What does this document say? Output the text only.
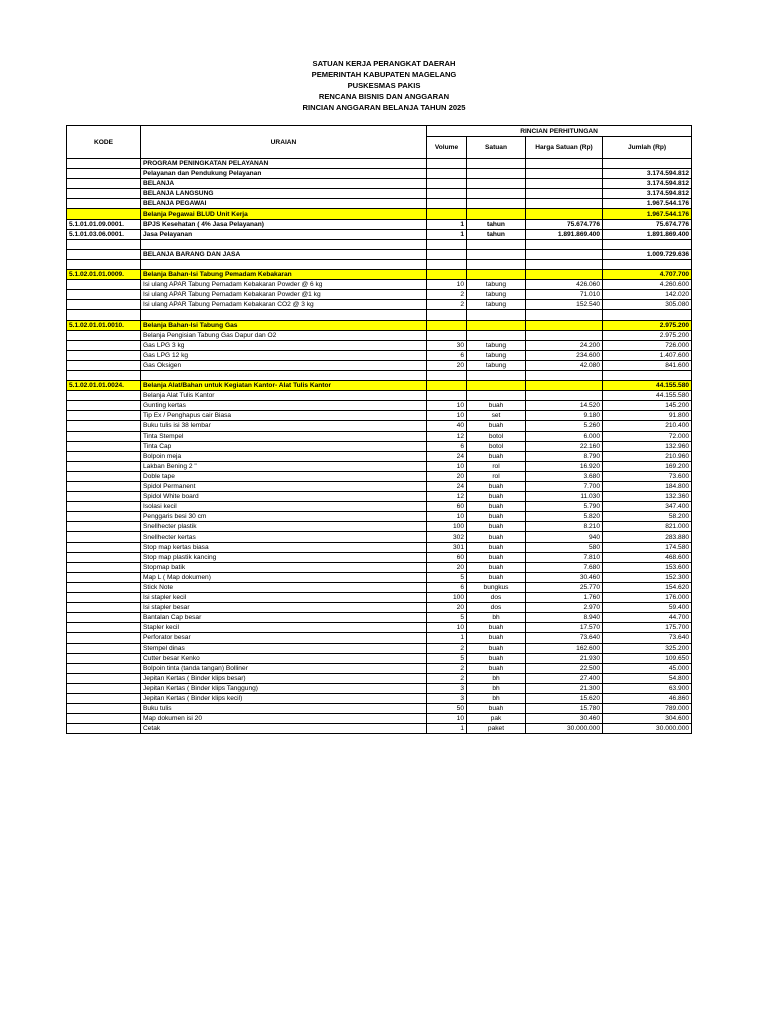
SATUAN KERJA PERANGKAT DAERAH
PEMERINTAH KABUPATEN MAGELANG
PUSKESMAS PAKIS
RENCANA BISNIS DAN ANGGARAN
RINCIAN ANGGARAN BELANJA TAHUN 2025
KODE	URAIAN	RINCIAN PERHITUNGAN			
		Volume	Satuan	Harga Satuan (Rp)	Jumlah (Rp)
	PROGRAM PENINGKATAN PELAYANAN				
	Pelayanan dan Pendukung Pelayanan				3.174.594.812
	BELANJA				3.174.594.812
	BELANJA LANGSUNG				3.174.594.812
	BELANJA PEGAWAI				1.967.544.176
	Belanja Pegawai BLUD Unit Kerja				1.967.544.176
5.1.01.01.09.0001.	BPJS Kesehatan ( 4% Jasa Pelayanan)	1	tahun	75.674.776	75.674.776
5.1.01.03.06.0001.	Jasa Pelayanan	1	tahun	1.891.869.400	1.891.869.400

	BELANJA BARANG DAN JASA				1.009.729.636

5.1.02.01.01.0009.	Belanja Bahan-Isi Tabung Pemadam Kebakaran				4.707.700
	Isi ulang APAR Tabung Pemadam Kebakaran Powder @ 6 kg	10	tabung	426.060	4.260.600
	Isi ulang APAR Tabung Pemadam Kebakaran Powder @1 kg	2	tabung	71.010	142.020
	Isi ulang APAR Tabung Pemadam Kebakaran CO2 @ 3 kg	2	tabung	152.540	305.080

5.1.02.01.01.0010.	Belanja Bahan-Isi Tabung Gas				2.975.200
	Belanja Pengisian Tabung Gas Dapur dan O2				2.975.200
	Gas LPG 3 kg	30	tabung	24.200	726.000
	Gas LPG 12 kg	6	tabung	234.600	1.407.600
	Gas Oksigen	20	tabung	42.080	841.600

5.1.02.01.01.0024.	Belanja Alat/Bahan untuk Kegiatan Kantor- Alat Tulis Kantor				44.155.580
	Belanja Alat Tulis Kantor				44.155.580
	Gunting kertas	10	buah	14.520	145.200
	Tip Ex / Penghapus cair Biasa	10	set	9.180	91.800
	Buku tulis isi 38 lembar	40	buah	5.260	210.400
	Tinta Stempel	12	botol	6.000	72.000
	Tinta Cap	6	botol	22.160	132.960
	Bolpoin meja	24	buah	8.790	210.960
	Lakban Bening 2 "	10	rol	16.920	169.200
	Doble tape	20	rol	3.680	73.600
	Spidol Permanent	24	buah	7.700	184.800
	Spidol White board	12	buah	11.030	132.360
	Isolasi kecil	60	buah	5.790	347.400
	Penggaris besi 30 cm	10	buah	5.820	58.200
	Snellhecter plastik	100	buah	8.210	821.000
	Snellhecter kertas	302	buah	940	283.880
	Stop map kertas biasa	301	buah	580	174.580
	Stop map plastik kancing	60	buah	7.810	468.600
	Stopmap batik	20	buah	7.680	153.600
	Map L ( Map dokumen)	5	buah	30.460	152.300
	Stick Note	6	bungkus	25.770	154.620
	Isi stapler kecil	100	dos	1.760	176.000
	Isi stapler besar	20	dos	2.970	59.400
	Bantalan Cap besar	5	bh	8.940	44.700
	Stapler kecil	10	buah	17.570	175.700
	Perforator besar	1	buah	73.640	73.640
	Stempel dinas	2	buah	162.600	325.200
	Cutter besar Kenko	5	buah	21.930	109.650
	Bolpoin tinta (tanda tangan) Bolliner	2	buah	22.500	45.000
	Jepitan Kertas ( Binder klips besar)	2	bh	27.400	54.800
	Jepitan Kertas ( Binder klips Tanggung)	3	bh	21.300	63.900
	Jepitan Kertas ( Binder klips kecil)	3	bh	15.620	46.860
	Buku tulis	50	buah	15.780	789.000
	Map dokumen isi 20	10	pak	30.460	304.600
	Cetak	1	paket	30.000.000	30.000.000
